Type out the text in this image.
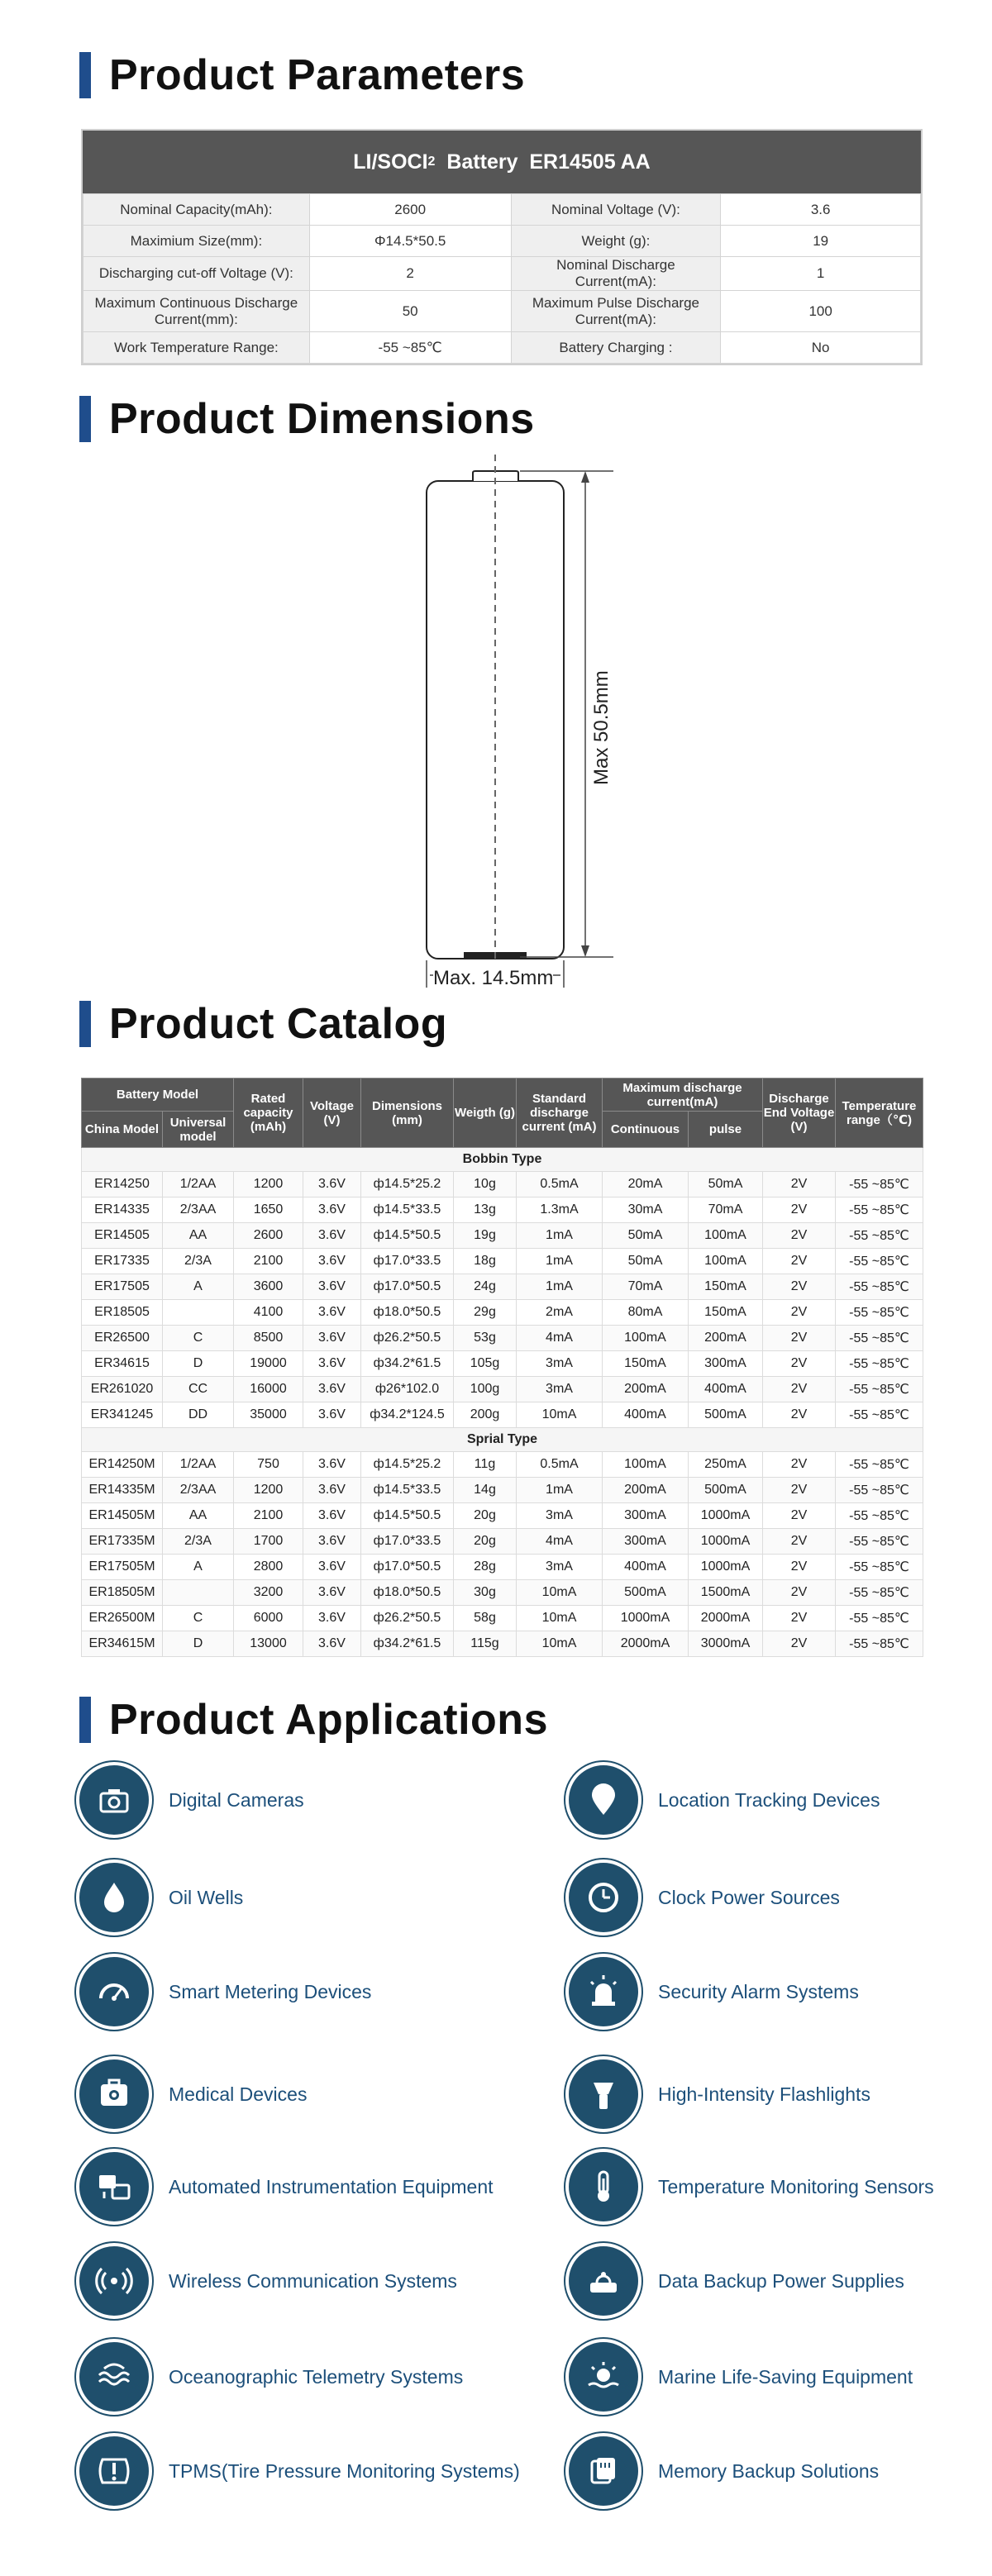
Product Parameters
LI/SOCI 2 Battery  ER14505 AA
Nominal Capacity(mAh):	2600	Nominal Voltage (V):	3.6
Maximium Size(mm):	Φ14.5*50.5	Weight (g):	19
Discharging cut-off Voltage (V):	2	Nominal Discharge Current(mA):	1
Maximum Continuous Discharge Current(mm):	50	Maximum Pulse Discharge Current(mA):	100
Work Temperature Range:	-55 ~85℃	Battery Charging :	No
Product Dimensions
Max 50.5mm
Max. 14.5mm
Product Catalog
Battery Model		Rated capacity (mAh)	Voltage (V)	Dimensions (mm)	Weigth (g)	Standard discharge current (mA)	Maximum discharge current(mA)		Discharge End Voltage (V)	Temperature range（℃)
China Model	Universal model						Continuous	pulse		
Bobbin Type										
ER14250	1/2AA	1200	3.6V	ф14.5*25.2	10g	0.5mA	20mA	50mA	2V	-55 ~85℃
ER14335	2/3AA	1650	3.6V	ф14.5*33.5	13g	1.3mA	30mA	70mA	2V	-55 ~85℃
ER14505	AA	2600	3.6V	ф14.5*50.5	19g	1mA	50mA	100mA	2V	-55 ~85℃
ER17335	2/3A	2100	3.6V	ф17.0*33.5	18g	1mA	50mA	100mA	2V	-55 ~85℃
ER17505	A	3600	3.6V	ф17.0*50.5	24g	1mA	70mA	150mA	2V	-55 ~85℃
ER18505		4100	3.6V	ф18.0*50.5	29g	2mA	80mA	150mA	2V	-55 ~85℃
ER26500	C	8500	3.6V	ф26.2*50.5	53g	4mA	100mA	200mA	2V	-55 ~85℃
ER34615	D	19000	3.6V	ф34.2*61.5	105g	3mA	150mA	300mA	2V	-55 ~85℃
ER261020	CC	16000	3.6V	ф26*102.0	100g	3mA	200mA	400mA	2V	-55 ~85℃
ER341245	DD	35000	3.6V	ф34.2*124.5	200g	10mA	400mA	500mA	2V	-55 ~85℃
Sprial Type										
ER14250M	1/2AA	750	3.6V	ф14.5*25.2	11g	0.5mA	100mA	250mA	2V	-55 ~85℃
ER14335M	2/3AA	1200	3.6V	ф14.5*33.5	14g	1mA	200mA	500mA	2V	-55 ~85℃
ER14505M	AA	2100	3.6V	ф14.5*50.5	20g	3mA	300mA	1000mA	2V	-55 ~85℃
ER17335M	2/3A	1700	3.6V	ф17.0*33.5	20g	4mA	300mA	1000mA	2V	-55 ~85℃
ER17505M	A	2800	3.6V	ф17.0*50.5	28g	3mA	400mA	1000mA	2V	-55 ~85℃
ER18505M		3200	3.6V	ф18.0*50.5	30g	10mA	500mA	1500mA	2V	-55 ~85℃
ER26500M	C	6000	3.6V	ф26.2*50.5	58g	10mA	1000mA	2000mA	2V	-55 ~85℃
ER34615M	D	13000	3.6V	ф34.2*61.5	115g	10mA	2000mA	3000mA	2V	-55 ~85℃
Product Applications
Digital Cameras
Oil Wells
Smart Metering Devices
Medical Devices
Automated Instrumentation Equipment
Wireless Communication Systems
Oceanographic Telemetry Systems
TPMS(Tire Pressure Monitoring Systems)
Location Tracking Devices
Clock Power Sources
Security Alarm Systems
High-Intensity Flashlights
Temperature Monitoring Sensors
Data Backup Power Supplies
Marine Life-Saving Equipment
Memory Backup Solutions
